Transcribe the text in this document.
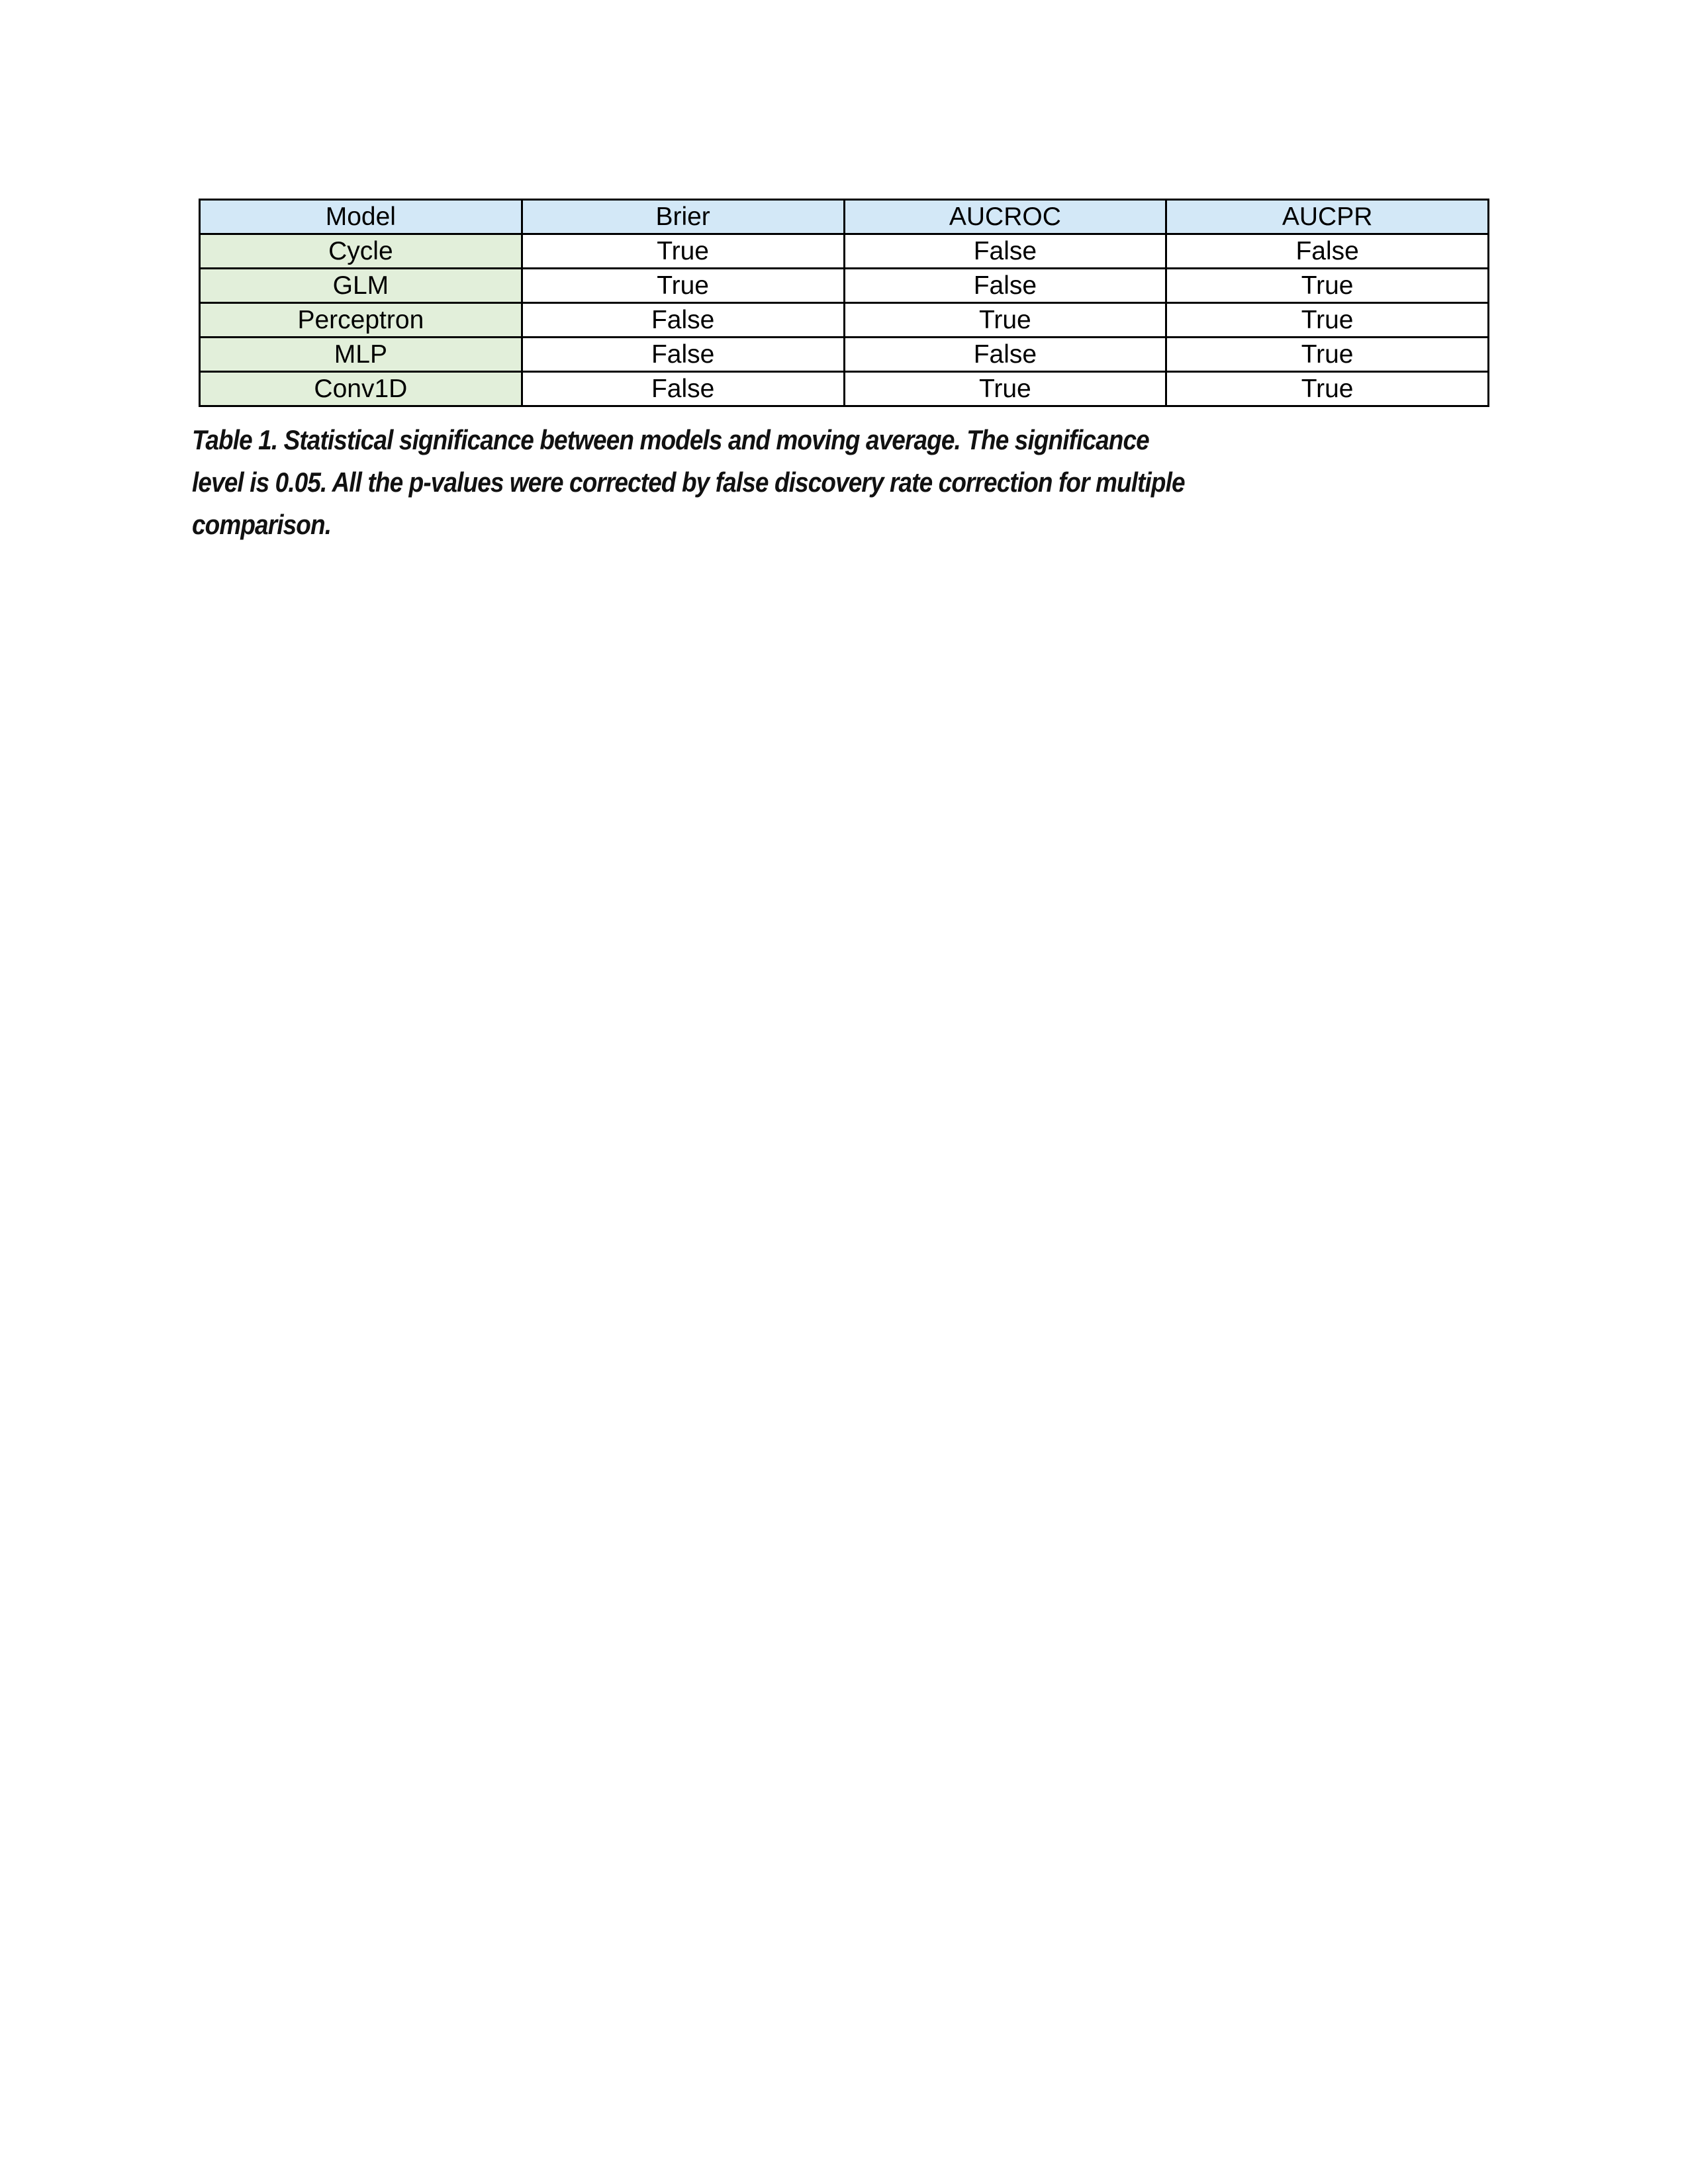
Model	Brier	AUCROC	AUCPR
Cycle	True	False	False
GLM	True	False	True
Perceptron	False	True	True
MLP	False	False	True
Conv1D	False	True	True
Table 1. Statistical significance between models and moving average. The significance
level is 0.05. All the p-values were corrected by false discovery rate correction for multiple
comparison.
